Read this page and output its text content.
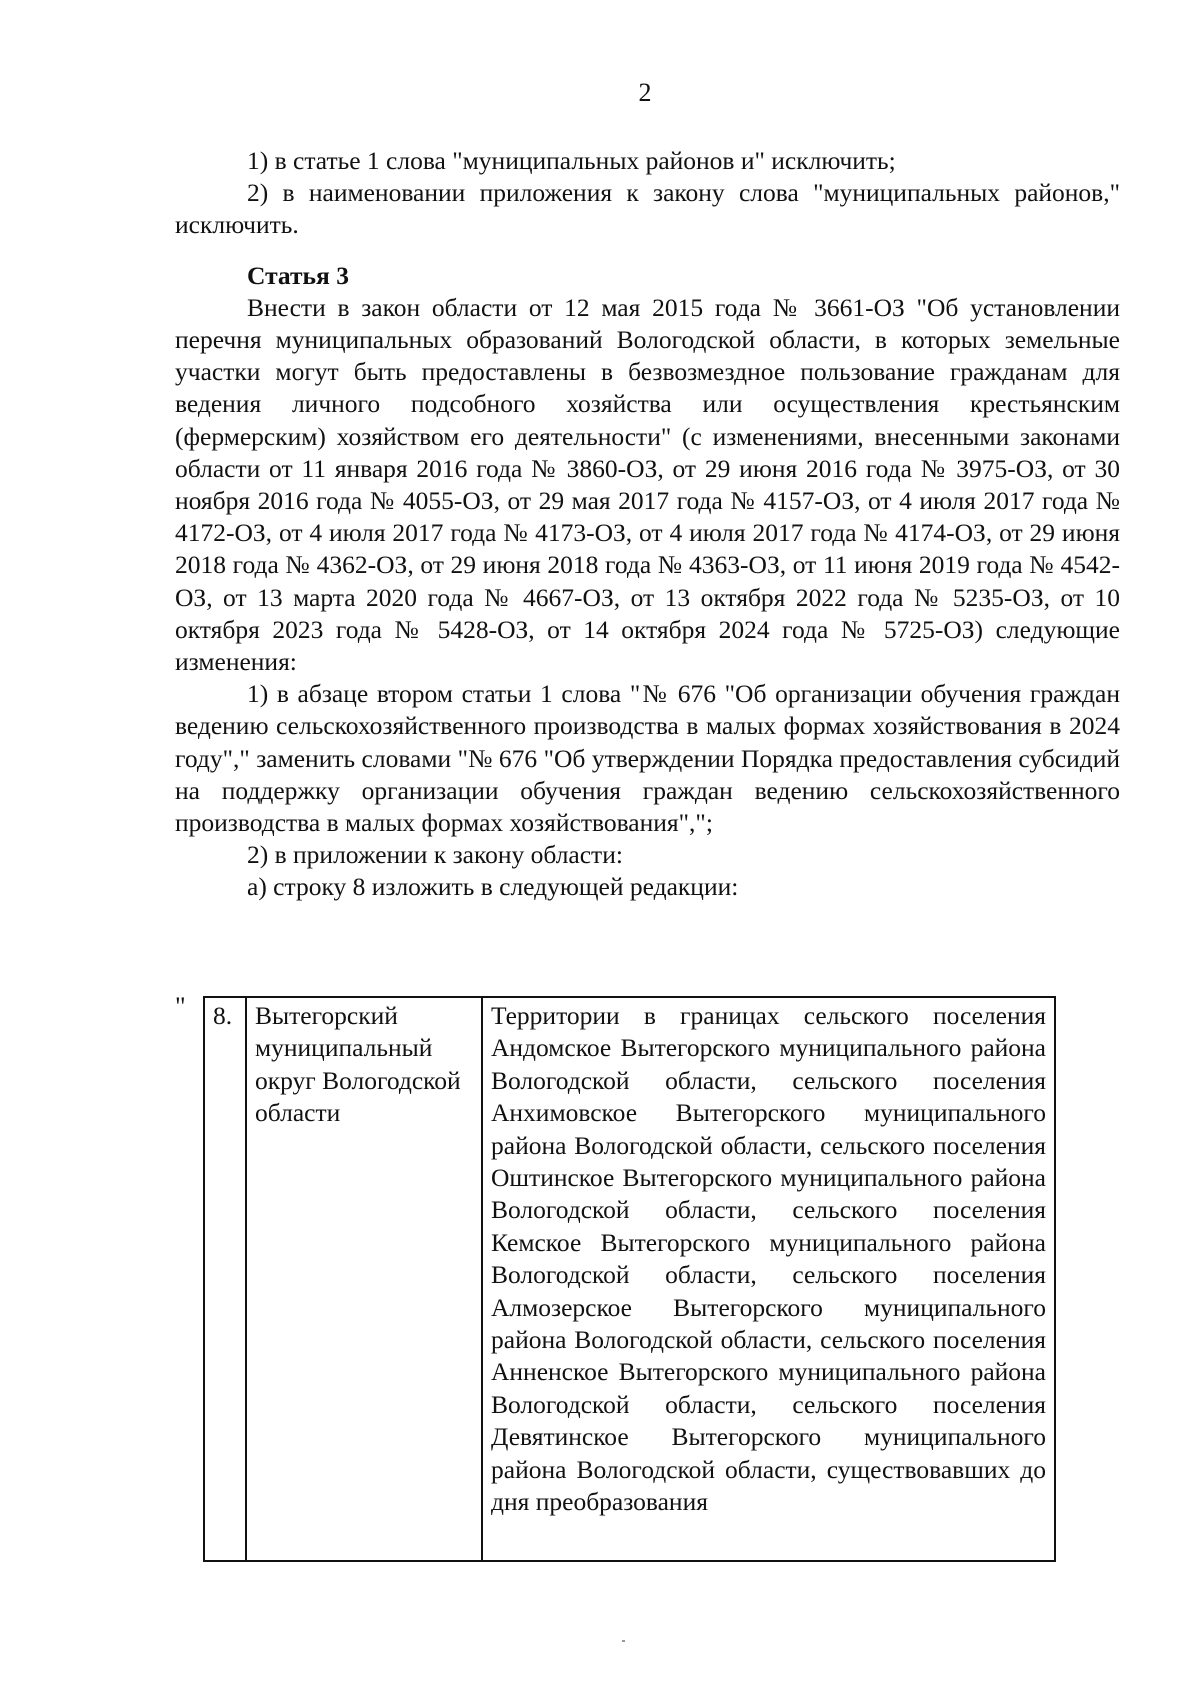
2

1) в статье 1 слова "муниципальных районов и" исключить;

2) в наименовании приложения к закону слова "муниципальных районов," исключить.

Статья 3

Внести в закон области от 12 мая 2015 года № 3661-ОЗ "Об установлении перечня муниципальных образований Вологодской области, в которых земельные участки могут быть предоставлены в безвозмездное пользование гражданам для ведения личного подсобного хозяйства или осуществления крестьянским (фермерским) хозяйством его деятельности" (с изменениями, внесенными законами области от 11 января 2016 года № 3860-ОЗ, от 29 июня 2016 года № 3975-ОЗ, от 30 ноября 2016 года № 4055-ОЗ, от 29 мая 2017 года № 4157-ОЗ, от 4 июля 2017 года № 4172-ОЗ, от 4 июля 2017 года № 4173-ОЗ, от 4 июля 2017 года № 4174-ОЗ, от 29 июня 2018 года № 4362-ОЗ, от 29 июня 2018 года № 4363-ОЗ, от 11 июня 2019 года № 4542-ОЗ, от 13 марта 2020 года № 4667-ОЗ, от 13 октября 2022 года № 5235-ОЗ, от 10 октября 2023 года № 5428-ОЗ, от 14 октября 2024 года № 5725-ОЗ) следующие изменения:

1) в абзаце втором статьи 1 слова "№ 676 "Об организации обучения граждан ведению сельскохозяйственного производства в малых формах хозяйствования в 2024 году"," заменить словами "№ 676 "Об утверждении Порядка предоставления субсидий на поддержку организации обучения граждан ведению сельскохозяйственного производства в малых формах хозяйствования",";

2) в приложении к закону области:

а) строку 8 изложить в следующей редакции:

" 8.	Вытегорский муниципальный округ Вологодской области	Территории в границах сельского поселения Андомское Вытегорского муниципального района Вологодской области, сельского поселения Анхимовское Вытегорского муниципального района Вологодской области, сельского поселения Оштинское Вытегорского муниципального района Вологодской области, сельского поселения Кемское Вытегорского муниципального района Вологодской области, сельского поселения Алмозерское Вытегорского муниципального района Вологодской области, сельского поселения Анненское Вытегорского муниципального района Вологодской области, сельского поселения Девятинское Вытегорского муниципального района Вологодской области, существовавших до дня преобразования
